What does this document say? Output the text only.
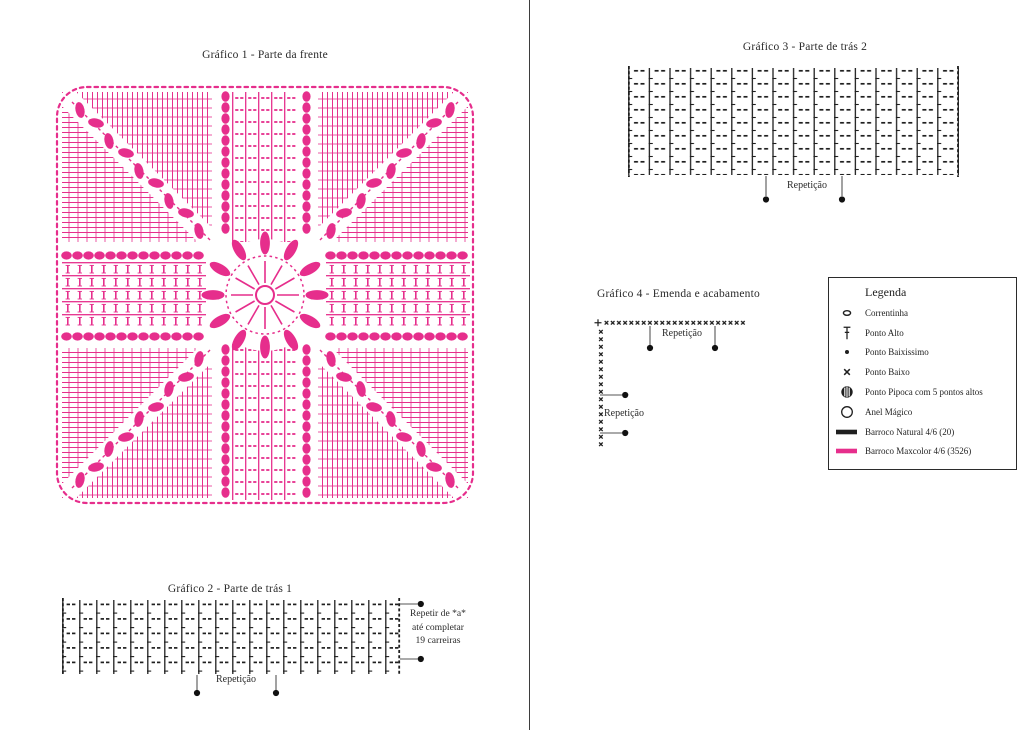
Gráfico 1 - Parte da frente
Gráfico 2 - Parte de trás 1
Repetir de *a*
até completar
19 carreiras
Repetição
Gráfico 3 - Parte de trás 2
Repetição
Gráfico 4 - Emenda e acabamento
Repetição
Repetição
Legenda
Correntinha
Ponto Alto
Ponto Baixissimo
Ponto Baixo
Ponto Pipoca com 5 pontos altos
Anel Mágico
Barroco Natural 4/6 (20)
Barroco Maxcolor 4/6 (3526)
